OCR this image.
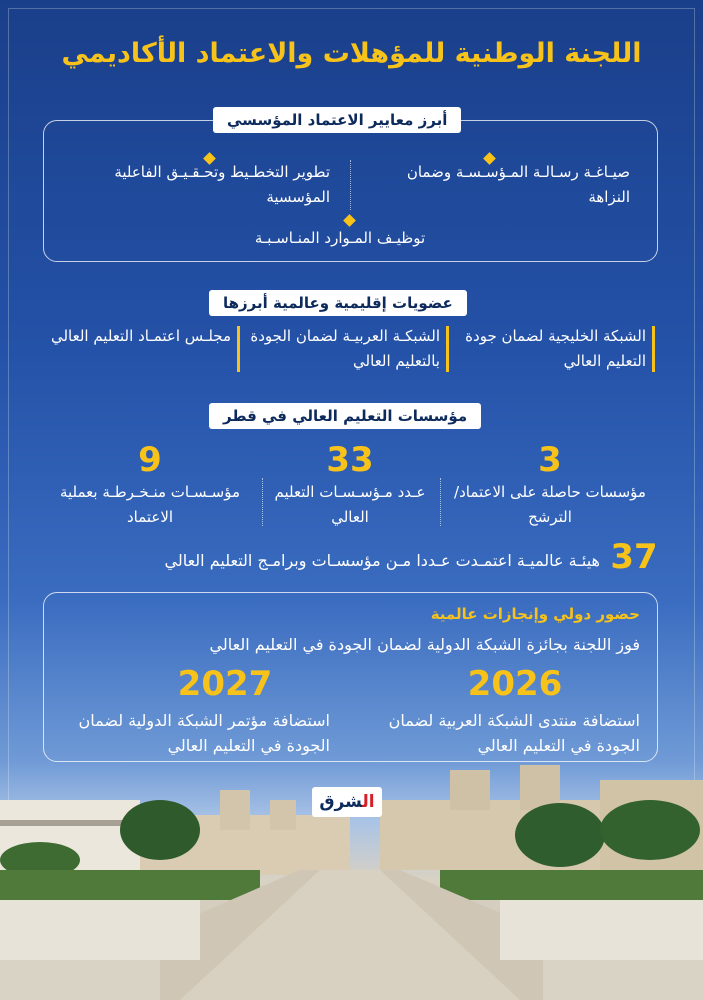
اللجنة الوطنية للمؤهلات والاعتماد الأكاديمي
أبرز معايير الاعتماد المؤسسي
صيـاغـة رسـالـة المـؤسـسـة وضمان النزاهة
تطوير التخطـيط وتحـقـيـق الفاعلية المؤسسية
توظيـف المـوارد المنـاسـبـة
عضويات إقليمية وعالمية أبرزها
الشبكة الخليجية لضمان جودة التعليم العالي
الشبكـة العربيـة لضمان الجودة بالتعليم العالي
مجلـس اعتمـاد التعليم العالي
مؤسسات التعليم العالي في قطر
3
مؤسسات حاصلة على الاعتماد/ الترشح
33
عـدد مـؤسـسـات التعليم العالي
9
مؤسـسـات منـخـرطـة بعملية الاعتماد
37
هيئـة عالميـة اعتمـدت عـددا مـن مؤسسـات وبرامـج التعليم العالي
حضور دولي وإنجازات عالمية
فوز اللجنة بجائزة الشبكة الدولية لضمان الجودة في التعليم العالي
2026
استضافة منتدى الشبكة العربية لضمان الجودة في التعليم العالي
2027
استضافة مؤتمر الشبكة الدولية لضمان الجودة في التعليم العالي
الشرق
